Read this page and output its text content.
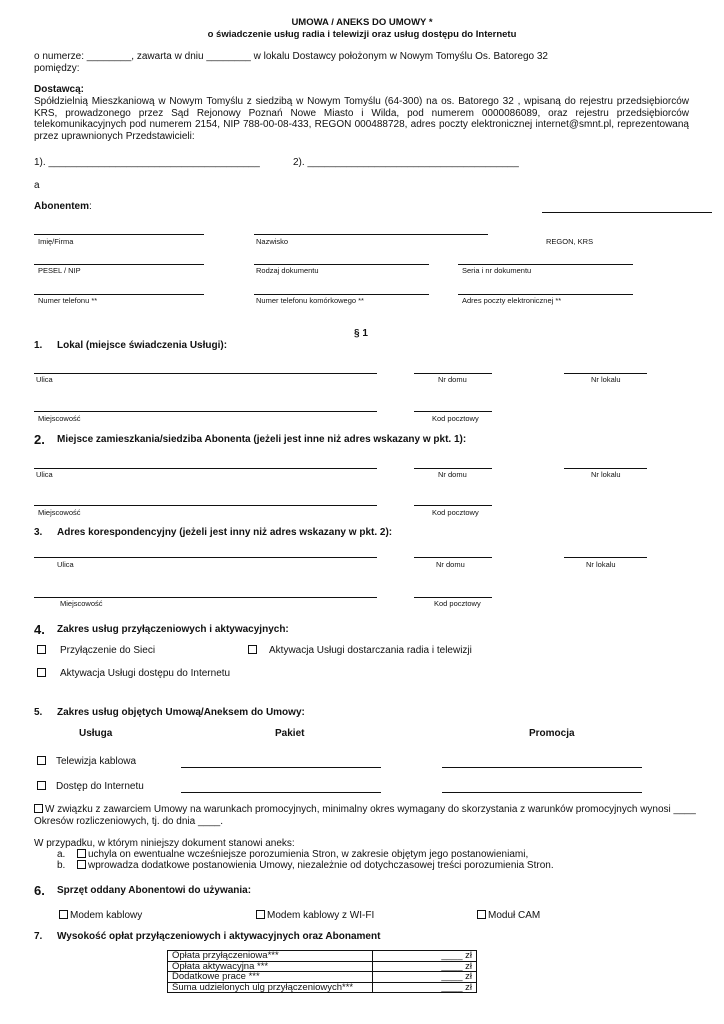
UMOWA / ANEKS DO UMOWY *
o świadczenie usług radia i telewizji oraz usług dostępu do Internetu
o numerze: ________, zawarta w dniu ________ w lokalu Dostawcy położonym w Nowym Tomyślu Os. Batorego 32
pomiędzy:
Dostawcą:
Spółdzielnią Mieszkaniową w Nowym Tomyślu z siedzibą w Nowym Tomyślu (64-300) na os. Batorego 32 , wpisaną do rejestru przedsiębiorców KRS, prowadzonego przez Sąd Rejonowy Poznań Nowe Miasto i Wilda, pod numerem 0000086089, oraz rejestru przedsiębiorców telekomunikacyjnych pod numerem 2154, NIP 788-00-08-433, REGON 000488728, adres poczty elektronicznej internet@smnt.pl, reprezentowaną przez uprawnionych Przedstawicieli:
1). ______________________________________	2). ______________________________________
a
Abonentem:
Imię/Firma	Nazwisko	REGON, KRS
PESEL / NIP	Rodzaj dokumentu	Seria i nr dokumentu
Numer telefonu **	Numer telefonu komórkowego **	Adres poczty elektronicznej **
§ 1
1. Lokal (miejsce świadczenia Usługi):
Ulica	Nr domu	Nr lokalu
Miejscowość	Kod pocztowy
2. Miejsce zamieszkania/siedziba Abonenta (jeżeli jest inne niż adres wskazany w pkt. 1):
Ulica	Nr domu	Nr lokalu
Miejscowość	Kod pocztowy
3. Adres korespondencyjny (jeżeli jest inny niż adres wskazany w pkt. 2):
Ulica	Nr domu	Nr lokalu
Miejscowość	Kod pocztowy
4. Zakres usług przyłączeniowych i aktywacyjnych:
Przyłączenie do Sieci	Aktywacja Usługi dostarczania radia i telewizji
Aktywacja Usługi dostępu do Internetu
5. Zakres usług objętych Umową/Aneksem do Umowy:
Usługa	Pakiet	Promocja
Telewizja kablowa
Dostęp do Internetu
W związku z zawarciem Umowy na warunkach promocyjnych, minimalny okres wymagany do skorzystania z warunków promocyjnych wynosi ____
Okresów rozliczeniowych, tj. do dnia ____.
W przypadku, w którym niniejszy dokument stanowi aneks:
a.	uchyla on ewentualne wcześniejsze porozumienia Stron, w zakresie objętym jego postanowieniami,
b.	wprowadza dodatkowe postanowienia Umowy, niezależnie od dotychczasowej treści porozumienia Stron.
6. Sprzęt oddany Abonentowi do używania:
Modem kablowy	Modem kablowy z WI-FI	Moduł CAM
7. Wysokość opłat przyłączeniowych i aktywacyjnych oraz Abonament
Opłata przyłączeniowa***	____ zł
Opłata aktywacyjna ***	____ zł
Dodatkowe prace ***	____ zł
Suma udzielonych ulg przyłączeniowych***	____ zł
